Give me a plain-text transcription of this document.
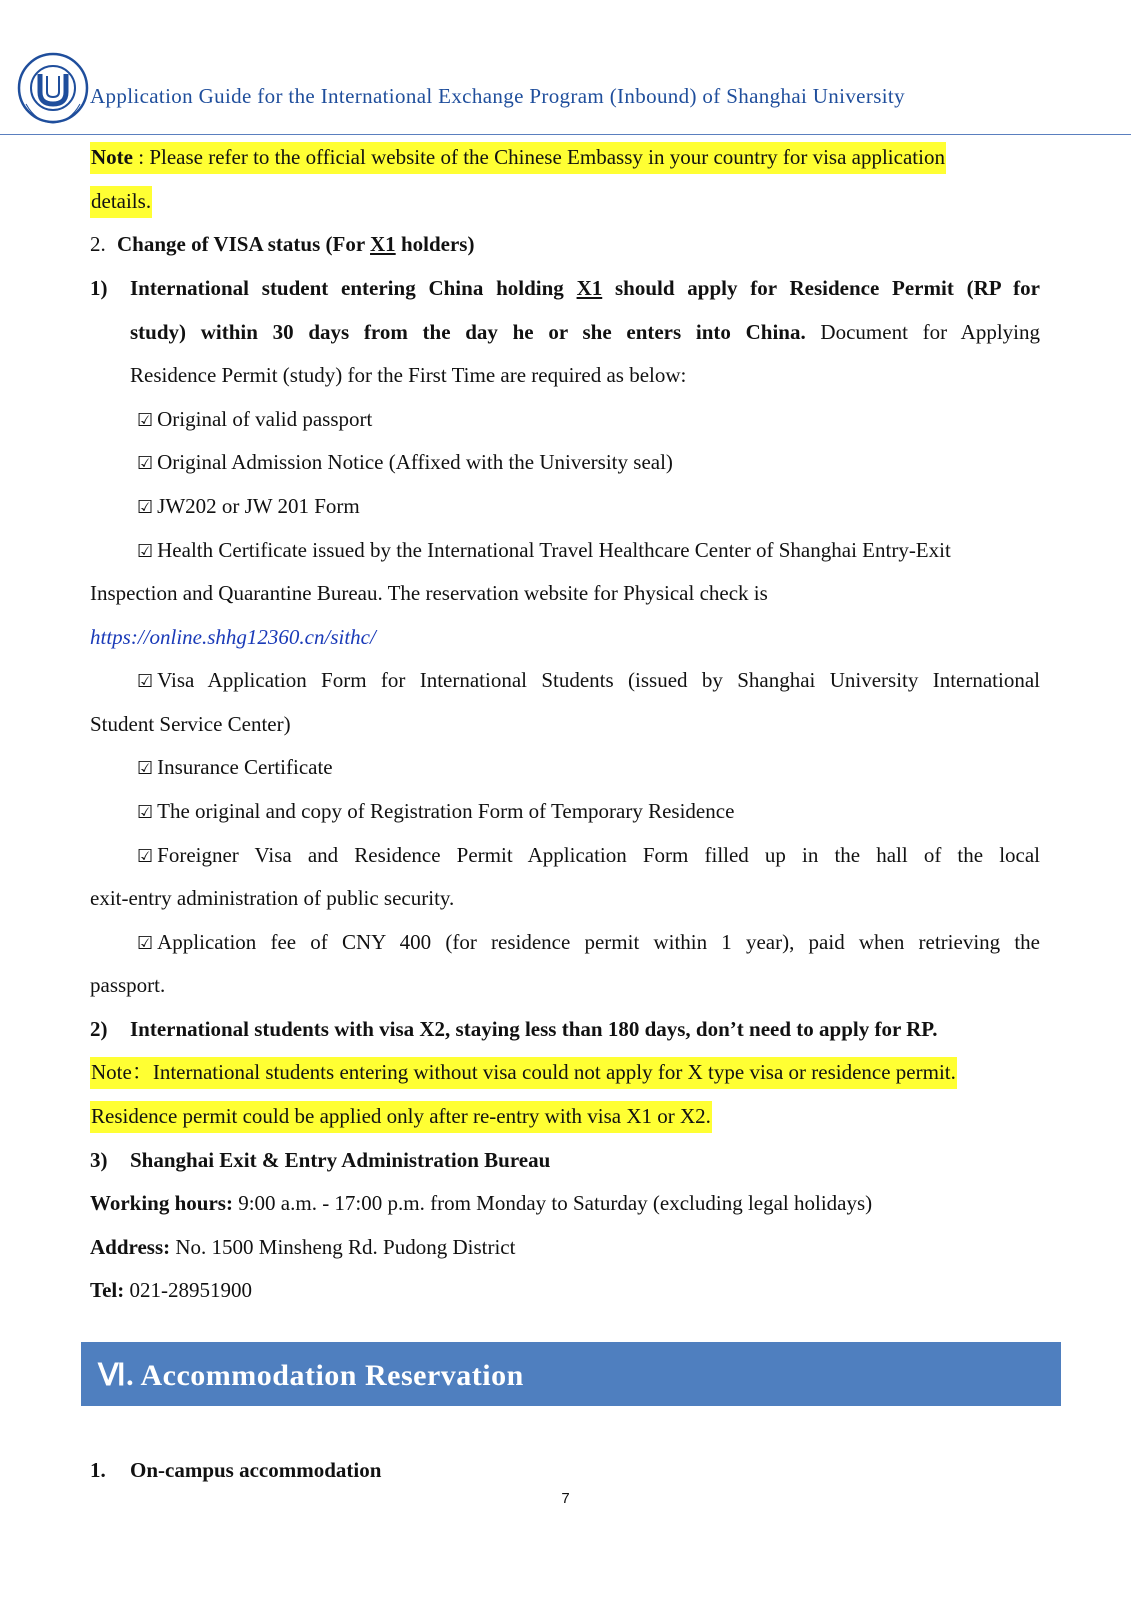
Application Guide for the International Exchange Program (Inbound) of Shanghai University
Note : Please refer to the official website of the Chinese Embassy in your country for visa application
details.
2. Change of VISA status (For X1 holders)
1) International student entering China holding X1 should apply for Residence Permit (RP for
study) within 30 days from the day he or she enters into China. Document for Applying
Residence Permit (study) for the First Time are required as below:
☑ Original of valid passport
☑ Original Admission Notice (Affixed with the University seal)
☑ JW202 or JW 201 Form
☑ Health Certificate issued by the International Travel Healthcare Center of Shanghai Entry-Exit
Inspection and Quarantine Bureau. The reservation website for Physical check is
https://online.shhg12360.cn/sithc/
☑ Visa Application Form for International Students (issued by Shanghai University International
Student Service Center)
☑ Insurance Certificate
☑ The original and copy of Registration Form of Temporary Residence
☑ Foreigner Visa and Residence Permit Application Form filled up in the hall of the local
exit-entry administration of public security.
☑ Application fee of CNY 400 (for residence permit within 1 year), paid when retrieving the
passport.
2) International students with visa X2, staying less than 180 days, don’t need to apply for RP.
Note：International students entering without visa could not apply for X type visa or residence permit.
Residence permit could be applied only after re-entry with visa X1 or X2.
3) Shanghai Exit & Entry Administration Bureau
Working hours: 9:00 a.m. - 17:00 p.m. from Monday to Saturday (excluding legal holidays)
Address: No. 1500 Minsheng Rd. Pudong District
Tel: 021-28951900
Ⅵ. Accommodation Reservation
1. On-campus accommodation
7
